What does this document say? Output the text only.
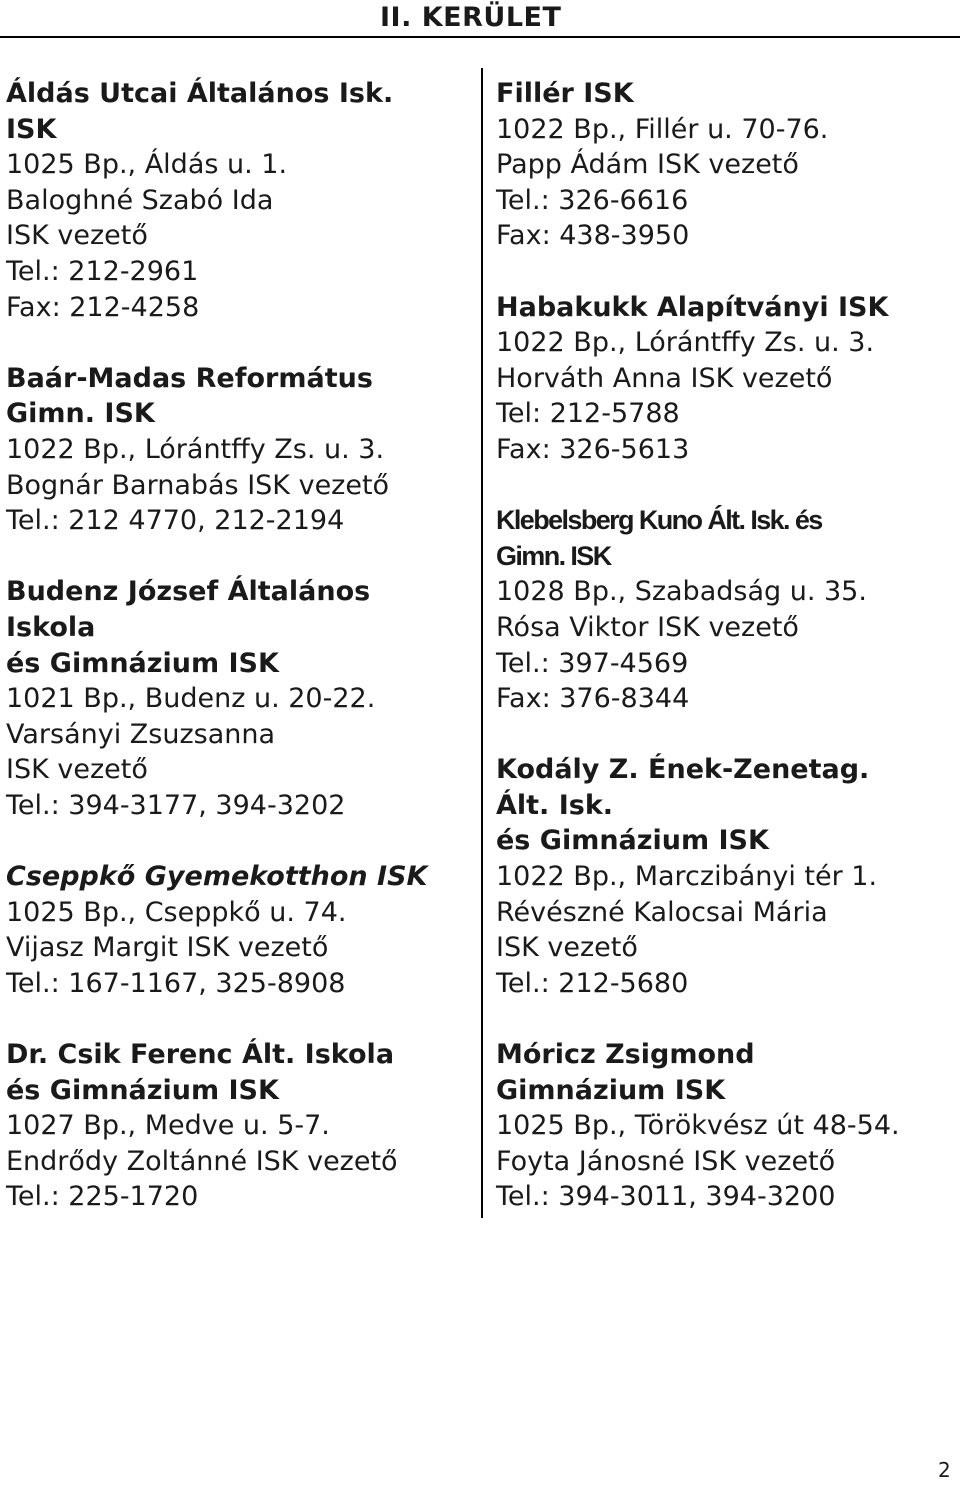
II. KERÜLET
Áldás Utcai Általános Isk.
ISK
1025 Bp., Áldás u. 1.
Baloghné Szabó Ida
ISK vezető
Tel.: 212-2961
Fax: 212-4258
Baár-Madas Református
Gimn. ISK
1022 Bp., Lórántffy Zs. u. 3.
Bognár Barnabás ISK vezető
Tel.: 212 4770, 212-2194
Budenz József Általános
Iskola
és Gimnázium ISK
1021 Bp., Budenz u. 20-22.
Varsányi Zsuzsanna
ISK vezető
Tel.: 394-3177, 394-3202
Cseppkő Gyemekotthon ISK
1025 Bp., Cseppkő u. 74.
Vijasz Margit ISK vezető
Tel.: 167-1167, 325-8908
Dr. Csik Ferenc Ált. Iskola
és Gimnázium ISK
1027 Bp., Medve u. 5-7.
Endrődy Zoltánné ISK vezető
Tel.: 225-1720
Fillér ISK
1022 Bp., Fillér u. 70-76.
Papp Ádám ISK vezető
Tel.: 326-6616
Fax: 438-3950
Habakukk Alapítványi ISK
1022 Bp., Lórántffy Zs. u. 3.
Horváth Anna ISK vezető
Tel: 212-5788
Fax: 326-5613
Klebelsberg Kuno Ált. Isk. és
Gimn. ISK
1028 Bp., Szabadság u. 35.
Rósa Viktor ISK vezető
Tel.: 397-4569
Fax: 376-8344
Kodály Z. Ének-Zenetag.
Ált. Isk.
és Gimnázium ISK
1022 Bp., Marczibányi tér 1.
Révészné Kalocsai Mária
ISK vezető
Tel.: 212-5680
Móricz Zsigmond
Gimnázium ISK
1025 Bp., Törökvész út 48-54.
Foyta Jánosné ISK vezető
Tel.: 394-3011, 394-3200
2
